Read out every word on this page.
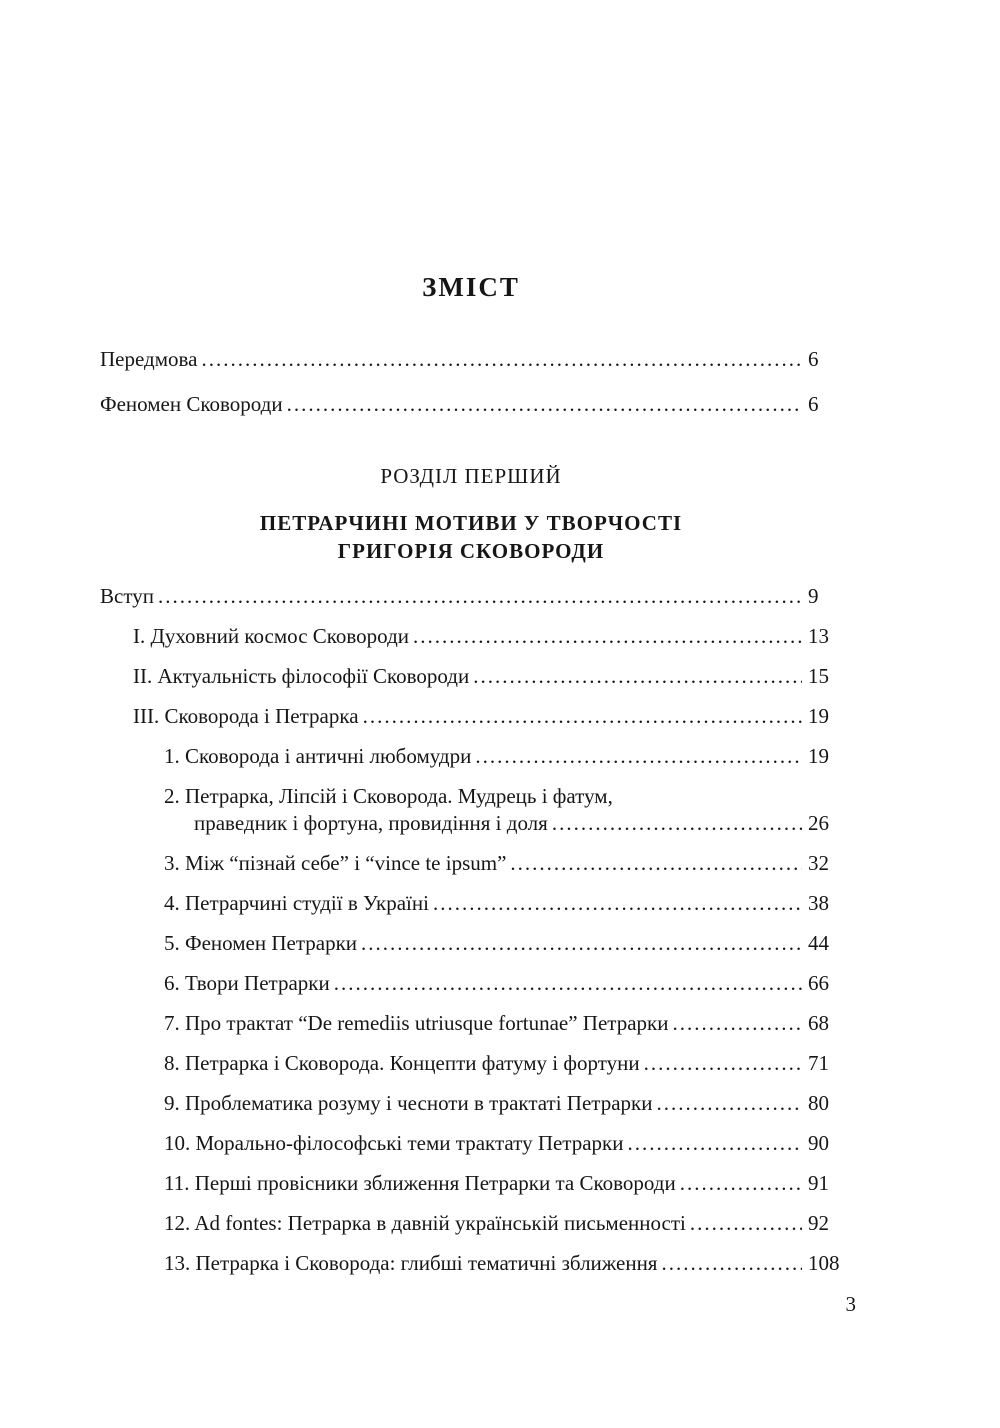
ЗМІСТ
Передмова .....	6
Феномен Сковороди .....	6
РОЗДІЛ ПЕРШИЙ
ПЕТРАРЧИНІ МОТИВИ У ТВОРЧОСТІ
ГРИГОРІЯ СКОВОРОДИ
Вступ .....	9
I. Духовний космос Сковороди .....	13
II. Актуальність філософії Сковороди .....	15
III. Сковорода і Петрарка .....	19
1. Сковорода і античні любомудри .....	19
2. Петрарка, Ліпсій і Сковорода. Мудрець і фатум,
праведник і фортуна, провидіння і доля .....	26
3. Між “пізнай себе” і “vince te ipsum” .....	32
4. Петрарчині студії в Україні .....	38
5. Феномен Петрарки .....	44
6. Твори Петрарки .....	66
7. Про трактат “De remediis utriusque fortunae” Петрарки .....	68
8. Петрарка і Сковорода. Концепти фатуму і фортуни .....	71
9. Проблематика розуму і чесноти в трактаті Петрарки .....	80
10. Морально-філософські теми трактату Петрарки .....	90
11. Перші провісники зближення Петрарки та Сковороди .....	91
12. Ad fontes: Петрарка в давній українській письменності .....	92
13. Петрарка і Сковорода: глибші тематичні зближення .....	108
3
